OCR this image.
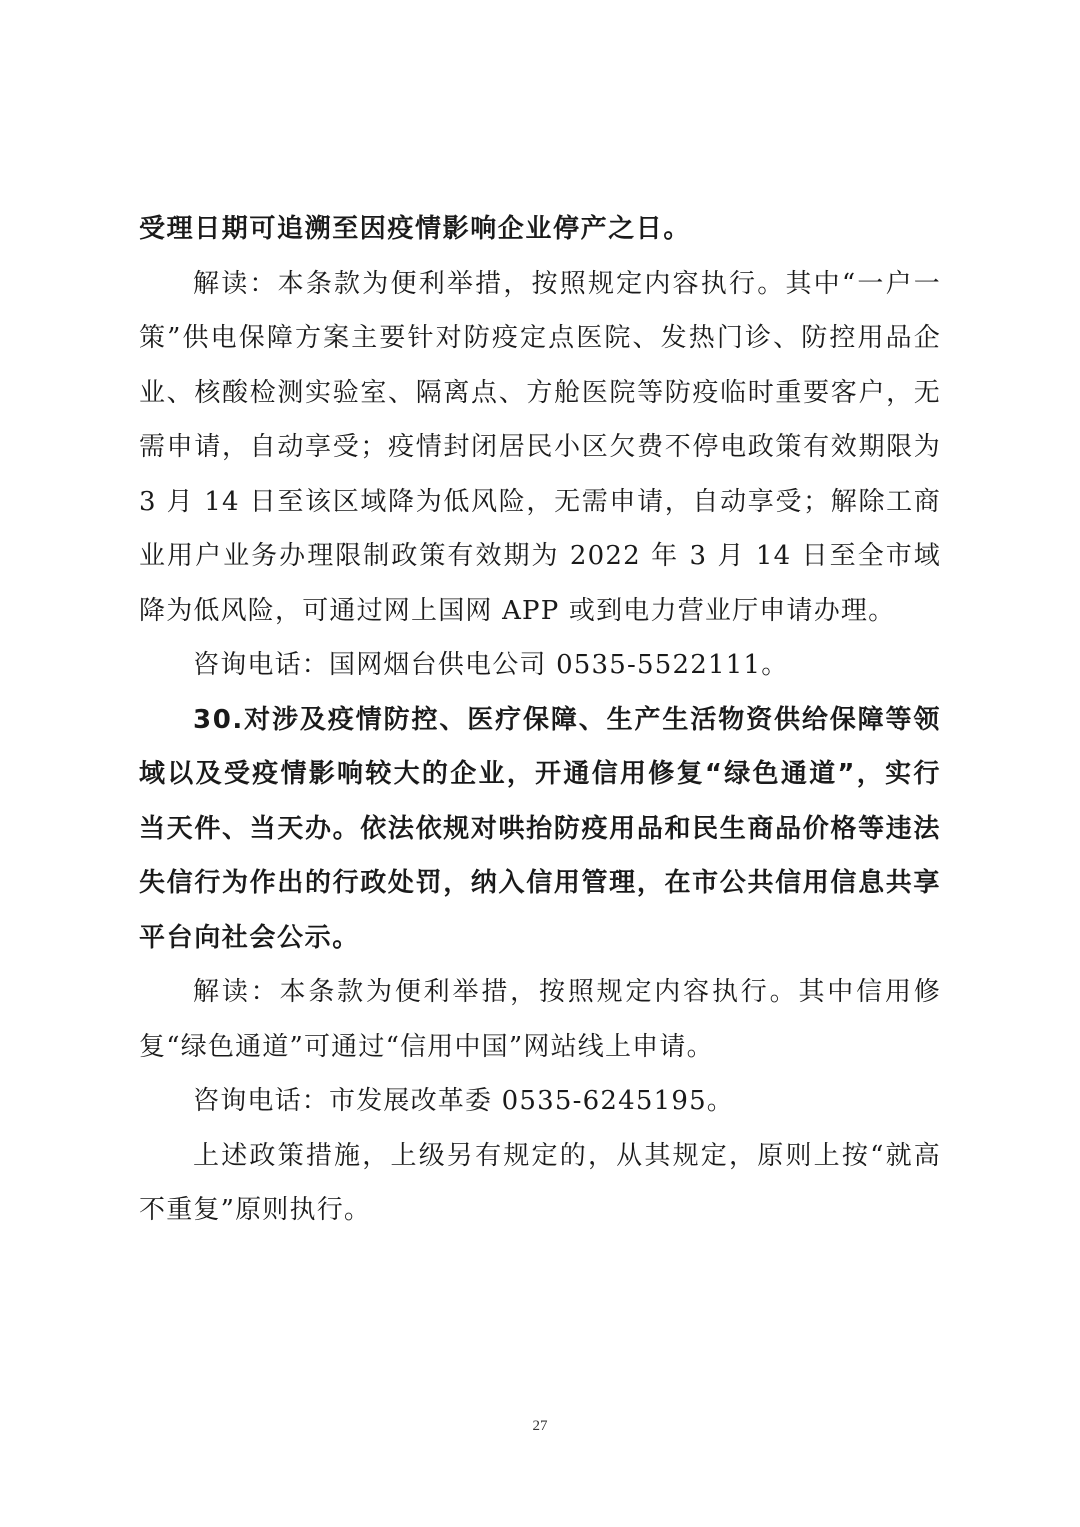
受理日期可追溯至因疫情影响企业停产之日。

解读：本条款为便利举措，按照规定内容执行。其中“一户一策”供电保障方案主要针对防疫定点医院、发热门诊、防控用品企业、核酸检测实验室、隔离点、方舱医院等防疫临时重要客户，无需申请，自动享受；疫情封闭居民小区欠费不停电政策有效期限为 3 月 14 日至该区域降为低风险，无需申请，自动享受；解除工商业用户业务办理限制政策有效期为 2022 年 3 月 14 日至全市域降为低风险，可通过网上国网 APP 或到电力营业厅申请办理。

咨询电话：国网烟台供电公司 0535-5522111。

30.对涉及疫情防控、医疗保障、生产生活物资供给保障等领域以及受疫情影响较大的企业，开通信用修复“绿色通道”，实行当天件、当天办。依法依规对哄抬防疫用品和民生商品价格等违法失信行为作出的行政处罚，纳入信用管理，在市公共信用信息共享平台向社会公示。

解读：本条款为便利举措，按照规定内容执行。其中信用修复“绿色通道”可通过“信用中国”网站线上申请。

咨询电话：市发展改革委 0535-6245195。

上述政策措施，上级另有规定的，从其规定，原则上按“就高不重复”原则执行。

27
